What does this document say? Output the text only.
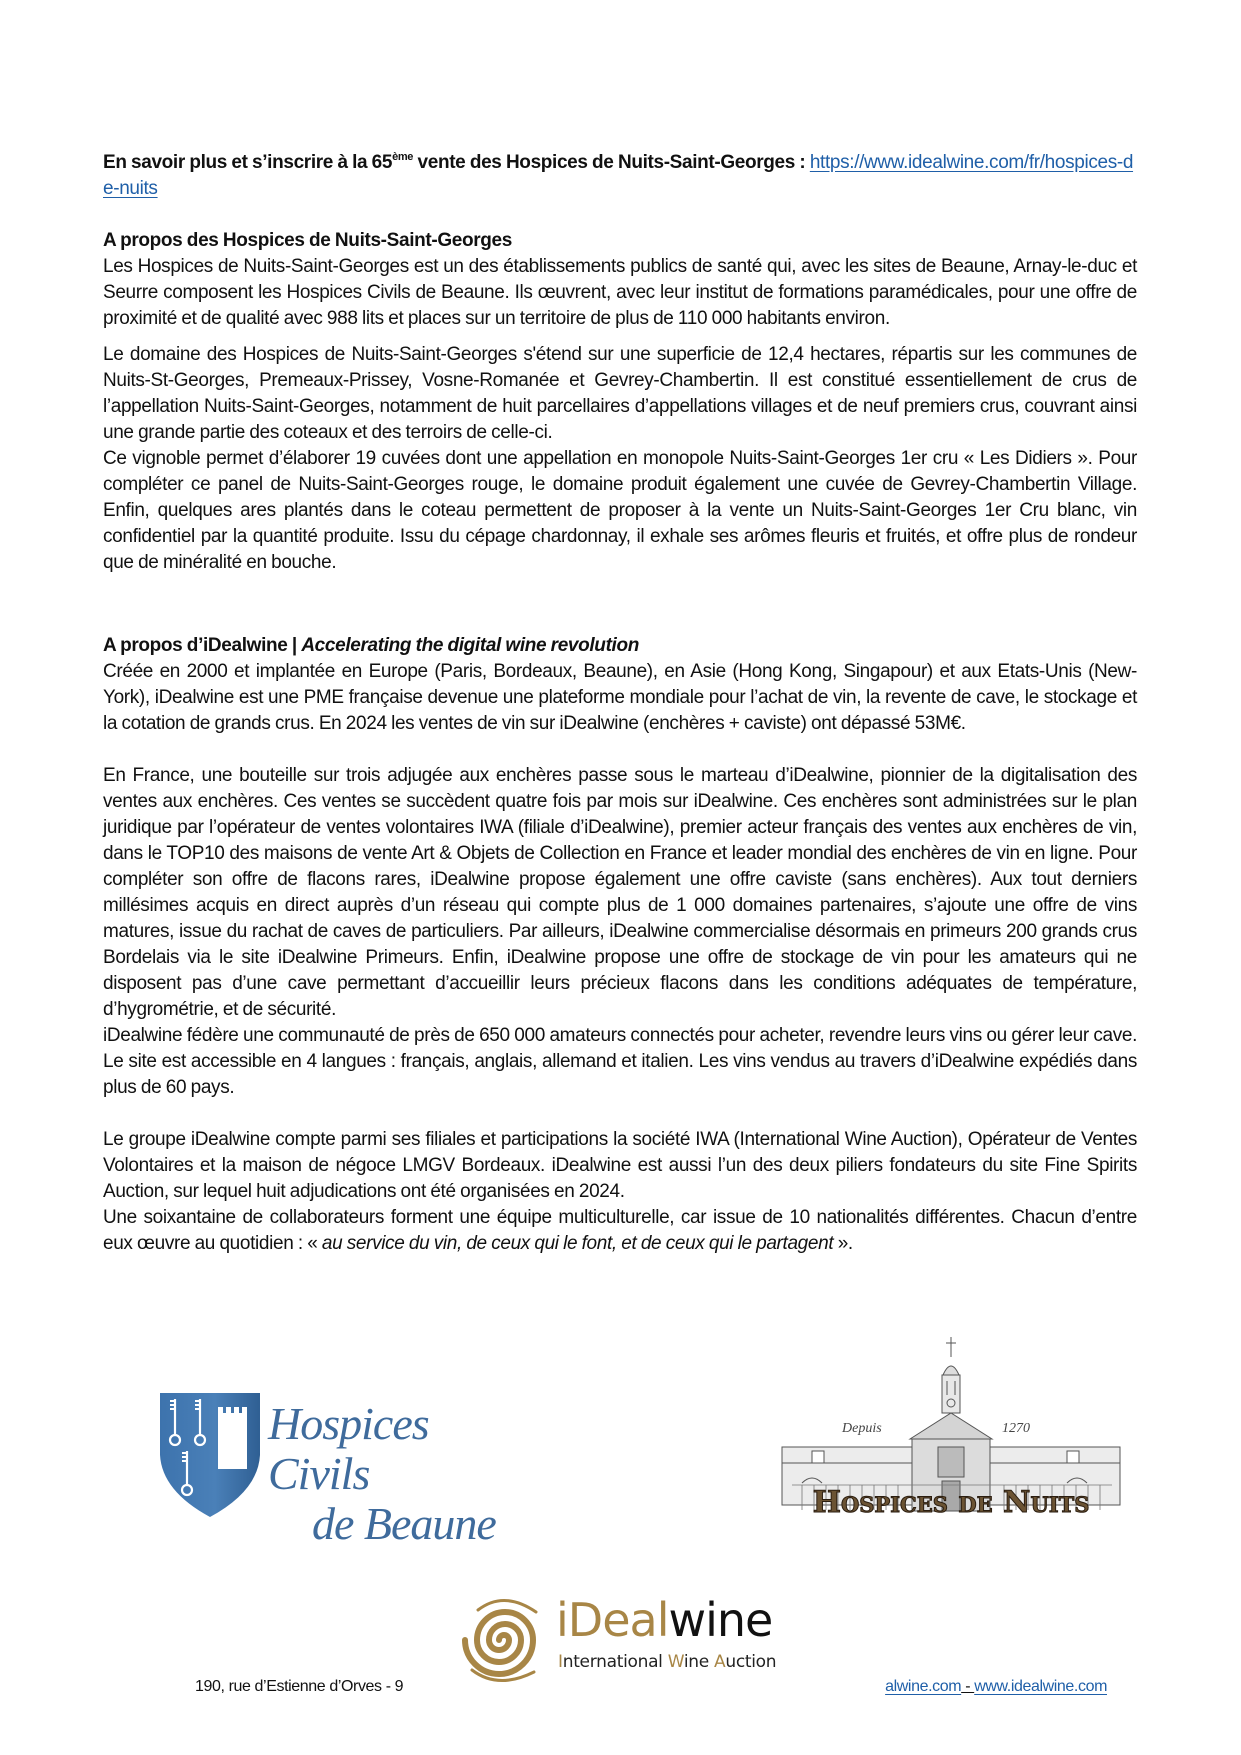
En savoir plus et s’inscrire à la 65ème vente des Hospices de Nuits-Saint-Georges : https://www.idealwine.com/fr/hospices-de-nuits

A propos des Hospices de Nuits-Saint-Georges

Les Hospices de Nuits-Saint-Georges est un des établissements publics de santé qui, avec les sites de Beaune, Arnay-le-duc et Seurre composent les Hospices Civils de Beaune. Ils œuvrent, avec leur institut de formations paramédicales, pour une offre de proximité et de qualité avec 988 lits et places sur un territoire de plus de 110 000 habitants environ.

Le domaine des Hospices de Nuits-Saint-Georges s'étend sur une superficie de 12,4 hectares, répartis sur les communes de Nuits-St-Georges, Premeaux-Prissey, Vosne-Romanée et Gevrey-Chambertin. Il est constitué essentiellement de crus de l’appellation Nuits-Saint-Georges, notamment de huit parcellaires d’appellations villages et de neuf premiers crus, couvrant ainsi une grande partie des coteaux et des terroirs de celle-ci.

Ce vignoble permet d’élaborer 19 cuvées dont une appellation en monopole Nuits-Saint-Georges 1er cru « Les Didiers ». Pour compléter ce panel de Nuits-Saint-Georges rouge, le domaine produit également une cuvée de Gevrey-Chambertin Village. Enfin, quelques ares plantés dans le coteau permettent de proposer à la vente un Nuits-Saint-Georges 1er Cru blanc, vin confidentiel par la quantité produite. Issu du cépage chardonnay, il exhale ses arômes fleuris et fruités, et offre plus de rondeur que de minéralité en bouche.

A propos d’iDealwine | Accelerating the digital wine revolution

Créée en 2000 et implantée en Europe (Paris, Bordeaux, Beaune), en Asie (Hong Kong, Singapour) et aux Etats-Unis (New-York), iDealwine est une PME française devenue une plateforme mondiale pour l’achat de vin, la revente de cave, le stockage et la cotation de grands crus. En 2024 les ventes de vin sur iDealwine (enchères + caviste) ont dépassé 53M€.

En France, une bouteille sur trois adjugée aux enchères passe sous le marteau d’iDealwine, pionnier de la digitalisation des ventes aux enchères. Ces ventes se succèdent quatre fois par mois sur iDealwine. Ces enchères sont administrées sur le plan juridique par l’opérateur de ventes volontaires IWA (filiale d’iDealwine), premier acteur français des ventes aux enchères de vin, dans le TOP10 des maisons de vente Art & Objets de Collection en France et leader mondial des enchères de vin en ligne. Pour compléter son offre de flacons rares, iDealwine propose également une offre caviste (sans enchères). Aux tout derniers millésimes acquis en direct auprès d’un réseau qui compte plus de 1 000 domaines partenaires, s’ajoute une offre de vins matures, issue du rachat de caves de particuliers. Par ailleurs, iDealwine commercialise désormais en primeurs 200 grands crus Bordelais via le site iDealwine Primeurs. Enfin, iDealwine propose une offre de stockage de vin pour les amateurs qui ne disposent pas d’une cave permettant d’accueillir leurs précieux flacons dans les conditions adéquates de température, d’hygrométrie, et de sécurité.

iDealwine fédère une communauté de près de 650 000 amateurs connectés pour acheter, revendre leurs vins ou gérer leur cave. Le site est accessible en 4 langues : français, anglais, allemand et italien. Les vins vendus au travers d’iDealwine expédiés dans plus de 60 pays.

Le groupe iDealwine compte parmi ses filiales et participations la société IWA (International Wine Auction), Opérateur de Ventes Volontaires et la maison de négoce LMGV Bordeaux. iDealwine est aussi l’un des deux piliers fondateurs du site Fine Spirits Auction, sur lequel huit adjudications ont été organisées en 2024.

Une soixantaine de collaborateurs forment une équipe multiculturelle, car issue de 10 nationalités différentes. Chacun d’entre eux œuvre au quotidien : « au service du vin, de ceux qui le font, et de ceux qui le partagent ».

Hospices Civils
de Beaune
Depuis	1270
Hospices de Nuits
iDealwine
International Wine Auction
190, rue d’Estienne d’Orves - 9	alwine.com - www.idealwine.com
